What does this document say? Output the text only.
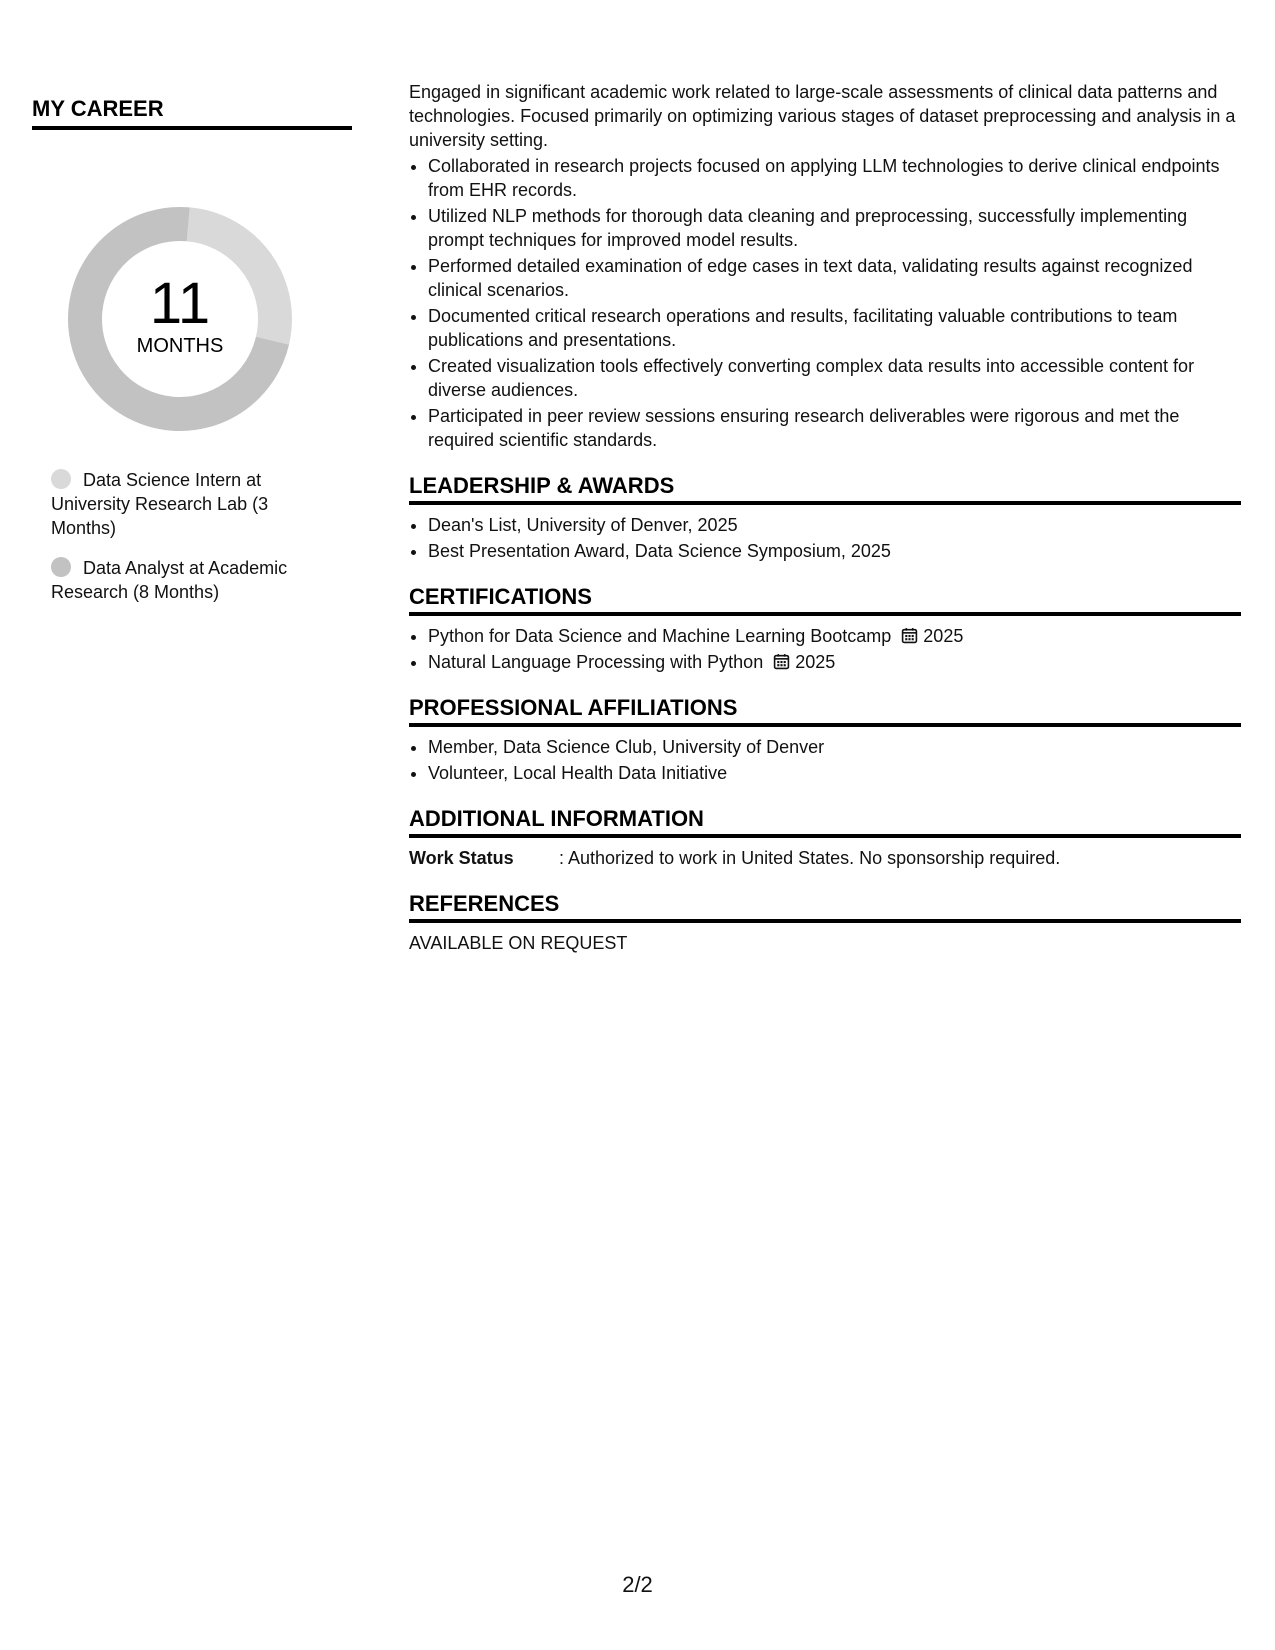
MY CAREER
11
MONTHS
Data Science Intern at University Research Lab (3 Months)
Data Analyst at Academic Research (8 Months)

Engaged in significant academic work related to large-scale assessments of clinical data patterns and technologies. Focused primarily on optimizing various stages of dataset preprocessing and analysis in a university setting.

• Collaborated in research projects focused on applying LLM technologies to derive clinical endpoints from EHR records.
• Utilized NLP methods for thorough data cleaning and preprocessing, successfully implementing prompt techniques for improved model results.
• Performed detailed examination of edge cases in text data, validating results against recognized clinical scenarios.
• Documented critical research operations and results, facilitating valuable contributions to team publications and presentations.
• Created visualization tools effectively converting complex data results into accessible content for diverse audiences.
• Participated in peer review sessions ensuring research deliverables were rigorous and met the required scientific standards.
LEADERSHIP & AWARDS
• Dean's List, University of Denver, 2025
• Best Presentation Award, Data Science Symposium, 2025
CERTIFICATIONS
• Python for Data Science and Machine Learning Bootcamp 2025
• Natural Language Processing with Python 2025
PROFESSIONAL AFFILIATIONS
• Member, Data Science Club, University of Denver
• Volunteer, Local Health Data Initiative
ADDITIONAL INFORMATION
Work Status	: Authorized to work in United States. No sponsorship required.
REFERENCES
AVAILABLE ON REQUEST
2/2
